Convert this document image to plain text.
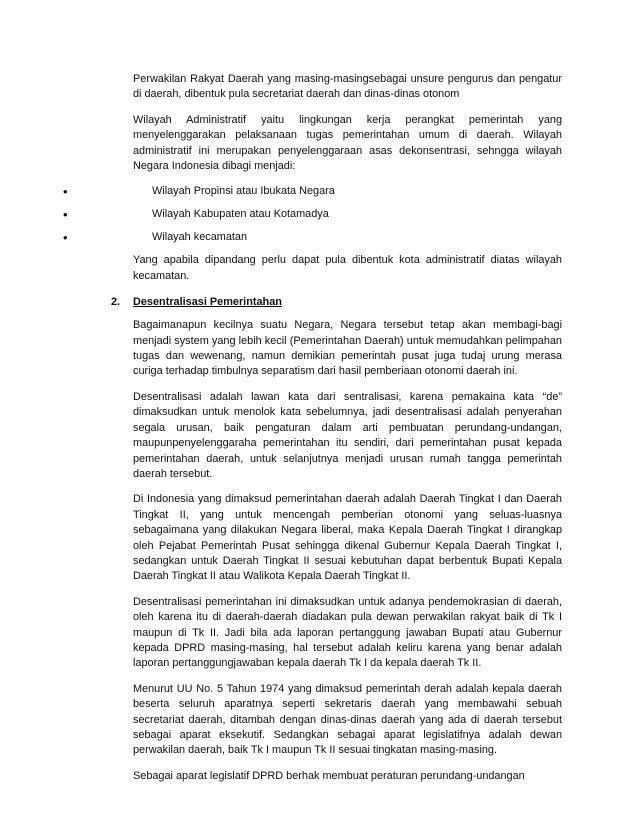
Perwakilan Rakyat Daerah yang masing-masingsebagai unsure pengurus dan pengatur di daerah, dibentuk pula secretariat daerah dan dinas-dinas otonom

Wilayah Administratif yaitu lingkungan kerja perangkat pemerintah yang menyelenggarakan pelaksanaan tugas pemerintahan umum di daerah. Wilayah administratif ini merupakan penyelenggaraan asas dekonsentrasi, sehngga wilayah Negara Indonesia dibagi menjadi:

•	Wilayah Propinsi atau Ibukata Negara
•	Wilayah Kabupaten atau Kotamadya
•	Wilayah kecamatan

Yang apabila dipandang perlu dapat pula dibentuk kota administratif diatas wilayah kecamatan.

2. Desentralisasi Pemerintahan

Bagaimanapun kecilnya suatu Negara, Negara tersebut tetap akan membagi-bagi menjadi system yang lebih kecil (Pemerintahan Daerah) untuk memudahkan pelimpahan tugas dan wewenang, namun demikian pemerintah pusat juga tudaj urung merasa curiga terhadap timbulnya separatism dari hasil pemberiaan otonomi daerah ini.

Desentralisasi adalah lawan kata dari sentralisasi, karena pemakaina kata “de” dimaksudkan untuk menolok kata sebelumnya, jadi desentralisasi adalah penyerahan segala urusan, baik pengaturan dalam arti pembuatan perundang-undangan, maupunpenyelenggaraha pemerintahan itu sendiri, dari pemerintahan pusat kepada pemerintahan daerah, untuk selanjutnya menjadi urusan rumah tangga pemerintah daerah tersebut.

Di Indonesia yang dimaksud pemerintahan daerah adalah Daerah Tingkat I dan Daerah Tingkat II, yang untuk mencengah pemberian otonomi yang seluas-luasnya sebagaimana yang dilakukan Negara liberal, maka Kepala Daerah Tingkat I dirangkap oleh Pejabat Pemerintah Pusat sehingga dikenal Gubernur Kepala Daerah Tingkat I, sedangkan untuk Daerah Tingkat II sesuai kebutuhan dapat berbentuk Bupati Kepala Daerah Tingkat II atau Walikota Kepala Daerah Tingkat II.

Desentralisasi pemerintahan ini dimaksudkan untuk adanya pendemokrasian di daerah, oleh karena itu di daerah-daerah diadakan pula dewan perwakilan rakyat baik di Tk I maupun di Tk II. Jadi bila ada laporan pertanggung jawaban Bupati atau Gubernur kepada DPRD masing-masing, hal tersebut adalah keliru karena yang benar adalah laporan pertanggungjawaban kepala daerah Tk I da kepala daerah Tk II.

Menurut UU No. 5 Tahun 1974 yang dimaksud pemerintah derah adalah kepala daerah beserta seluruh aparatnya seperti sekretaris daerah yang membawahi sebuah secretariat daerah, ditambah dengan dinas-dinas daerah yang ada di daerah tersebut sebagai aparat eksekutif. Sedangkan sebagai aparat legislatifnya adalah dewan perwakilan daerah, baik Tk I maupun Tk II sesuai tingkatan masing-masing.

Sebagai aparat legislatif DPRD berhak membuat peraturan perundang-undangan
